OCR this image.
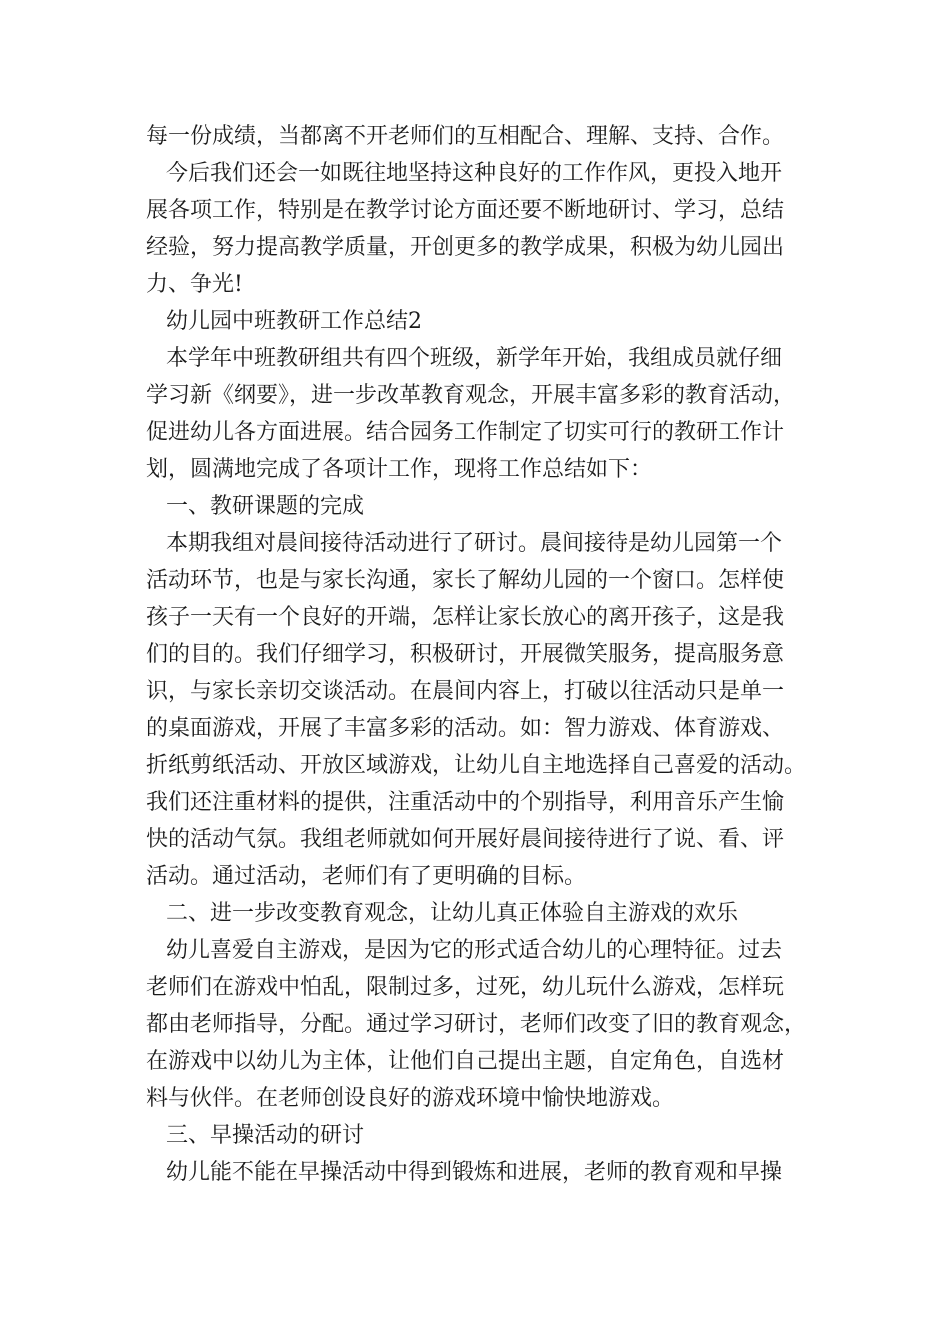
每一份成绩，当都离不开老师们的互相配合、理解、支持、合作。
今后我们还会一如既往地坚持这种良好的工作作风，更投入地开
展各项工作，特别是在教学讨论方面还要不断地研讨、学习，总结
经验，努力提高教学质量，开创更多的教学成果，积极为幼儿园出
力、争光!
幼儿园中班教研工作总结2
本学年中班教研组共有四个班级，新学年开始，我组成员就仔细
学习新《纲要》，进一步改革教育观念，开展丰富多彩的教育活动，
促进幼儿各方面进展。结合园务工作制定了切实可行的教研工作计
划，圆满地完成了各项计工作，现将工作总结如下：
一、教研课题的完成
本期我组对晨间接待活动进行了研讨。晨间接待是幼儿园第一个
活动环节，也是与家长沟通，家长了解幼儿园的一个窗口。怎样使
孩子一天有一个良好的开端，怎样让家长放心的离开孩子，这是我
们的目的。我们仔细学习，积极研讨，开展微笑服务，提高服务意
识，与家长亲切交谈活动。在晨间内容上，打破以往活动只是单一
的桌面游戏，开展了丰富多彩的活动。如：智力游戏、体育游戏、
折纸剪纸活动、开放区域游戏，让幼儿自主地选择自己喜爱的活动。
我们还注重材料的提供，注重活动中的个别指导，利用音乐产生愉
快的活动气氛。我组老师就如何开展好晨间接待进行了说、看、评
活动。通过活动，老师们有了更明确的目标。
二、进一步改变教育观念，让幼儿真正体验自主游戏的欢乐
幼儿喜爱自主游戏，是因为它的形式适合幼儿的心理特征。过去
老师们在游戏中怕乱，限制过多，过死，幼儿玩什么游戏，怎样玩
都由老师指导，分配。通过学习研讨，老师们改变了旧的教育观念，
在游戏中以幼儿为主体，让他们自己提出主题，自定角色，自选材
料与伙伴。在老师创设良好的游戏环境中愉快地游戏。
三、早操活动的研讨
幼儿能不能在早操活动中得到锻炼和进展，老师的教育观和早操
